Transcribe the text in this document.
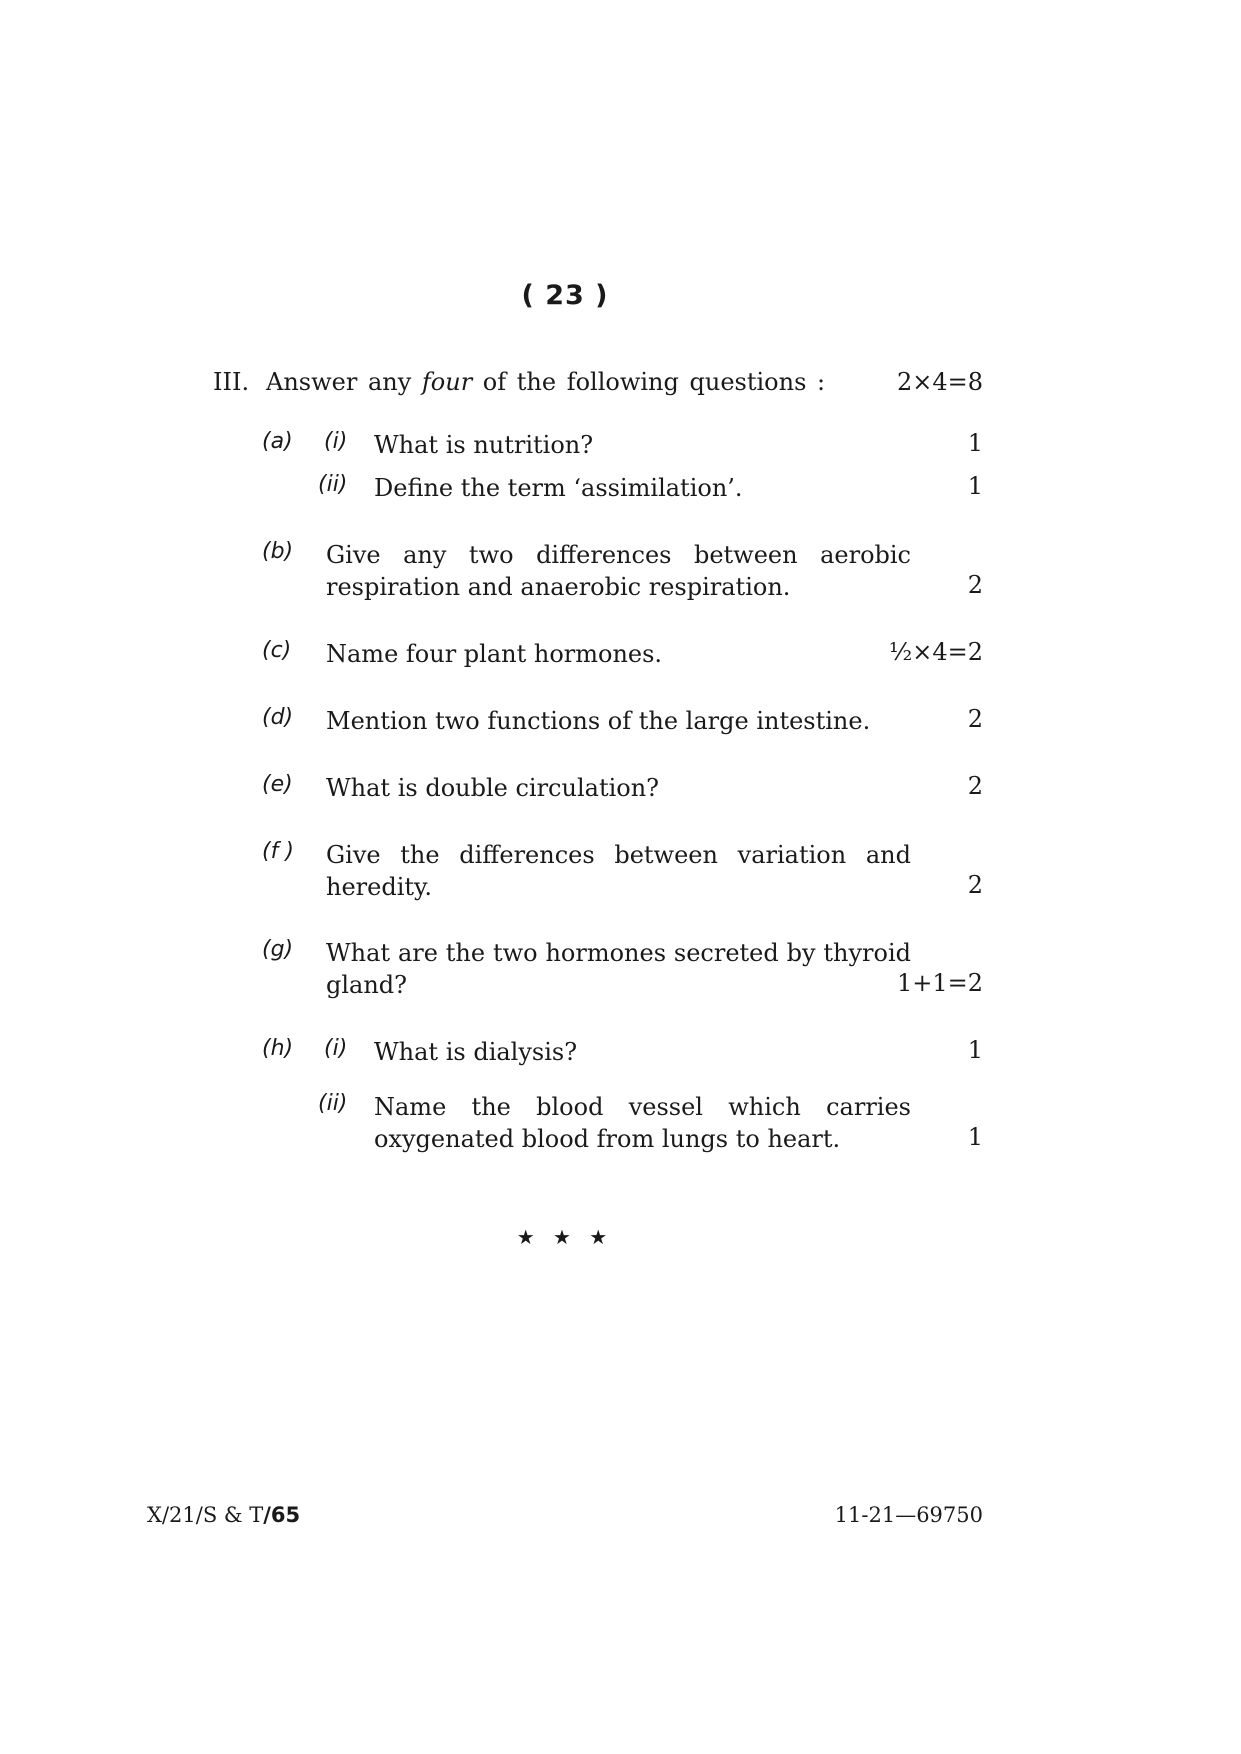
( 23 )
III. Answer any four of the following questions :	2×4=8
(a) (i) What is nutrition?	1
(ii) Define the term ‘assimilation’.	1
(b) Give any two differences between aerobic respiration and anaerobic respiration.	2
(c) Name four plant hormones.	½×4=2
(d) Mention two functions of the large intestine.	2
(e) What is double circulation?	2
(f ) Give the differences between variation and heredity.	2
(g) What are the two hormones secreted by thyroid gland?	1+1=2
(h) (i) What is dialysis?	1
(ii) Name the blood vessel which carries oxygenated blood from lungs to heart.	1
★ ★ ★
X/21/S & T/65	11-21—69750
